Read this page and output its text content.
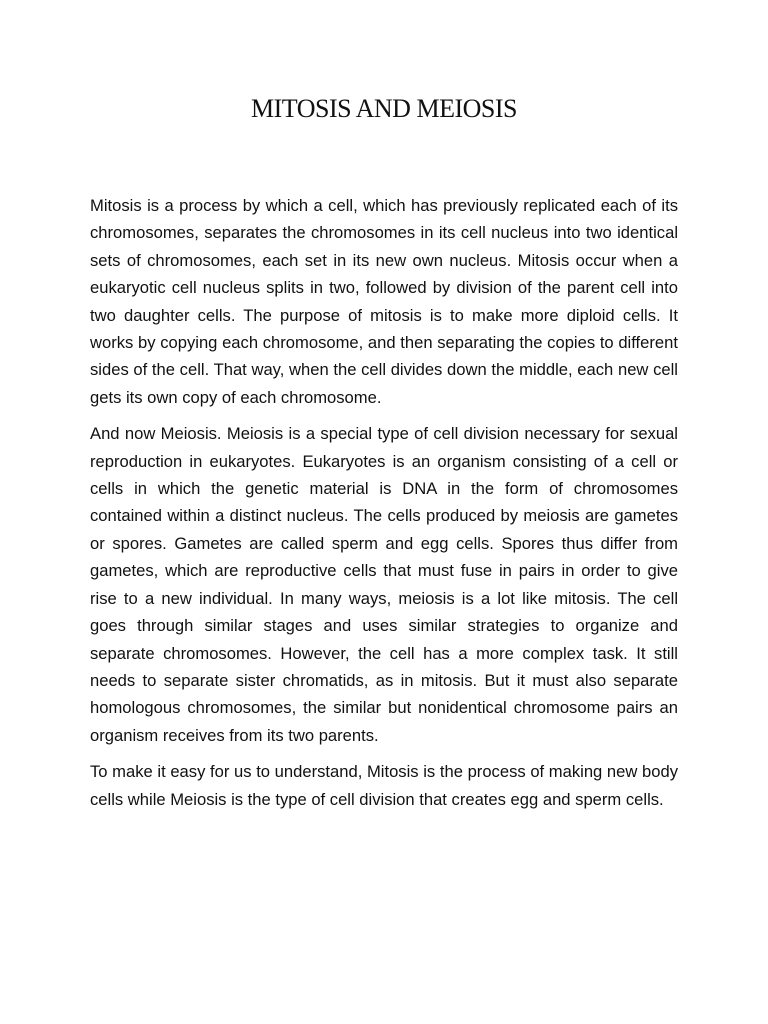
MITOSIS AND MEIOSIS

Mitosis is a process by which a cell, which has previously replicated each of its chromosomes, separates the chromosomes in its cell nucleus into two identical sets of chromosomes, each set in its new own nucleus. Mitosis occur when a eukaryotic cell nucleus splits in two, followed by division of the parent cell into two daughter cells. The purpose of mitosis is to make more diploid cells. It works by copying each chromosome, and then separating the copies to different sides of the cell. That way, when the cell divides down the middle, each new cell gets its own copy of each chromosome.

And now Meiosis. Meiosis is a special type of cell division necessary for sexual reproduction in eukaryotes. Eukaryotes is an organism consisting of a cell or cells in which the genetic material is DNA in the form of chromosomes contained within a distinct nucleus. The cells produced by meiosis are gametes or spores. Gametes are called sperm and egg cells. Spores thus differ from gametes, which are reproductive cells that must fuse in pairs in order to give rise to a new individual. In many ways, meiosis is a lot like mitosis. The cell goes through similar stages and uses similar strategies to organize and separate chromosomes. However, the cell has a more complex task. It still needs to separate sister chromatids, as in mitosis. But it must also separate homologous chromosomes, the similar but nonidentical chromosome pairs an organism receives from its two parents.

To make it easy for us to understand, Mitosis is the process of making new body cells while Meiosis is the type of cell division that creates egg and sperm cells.
